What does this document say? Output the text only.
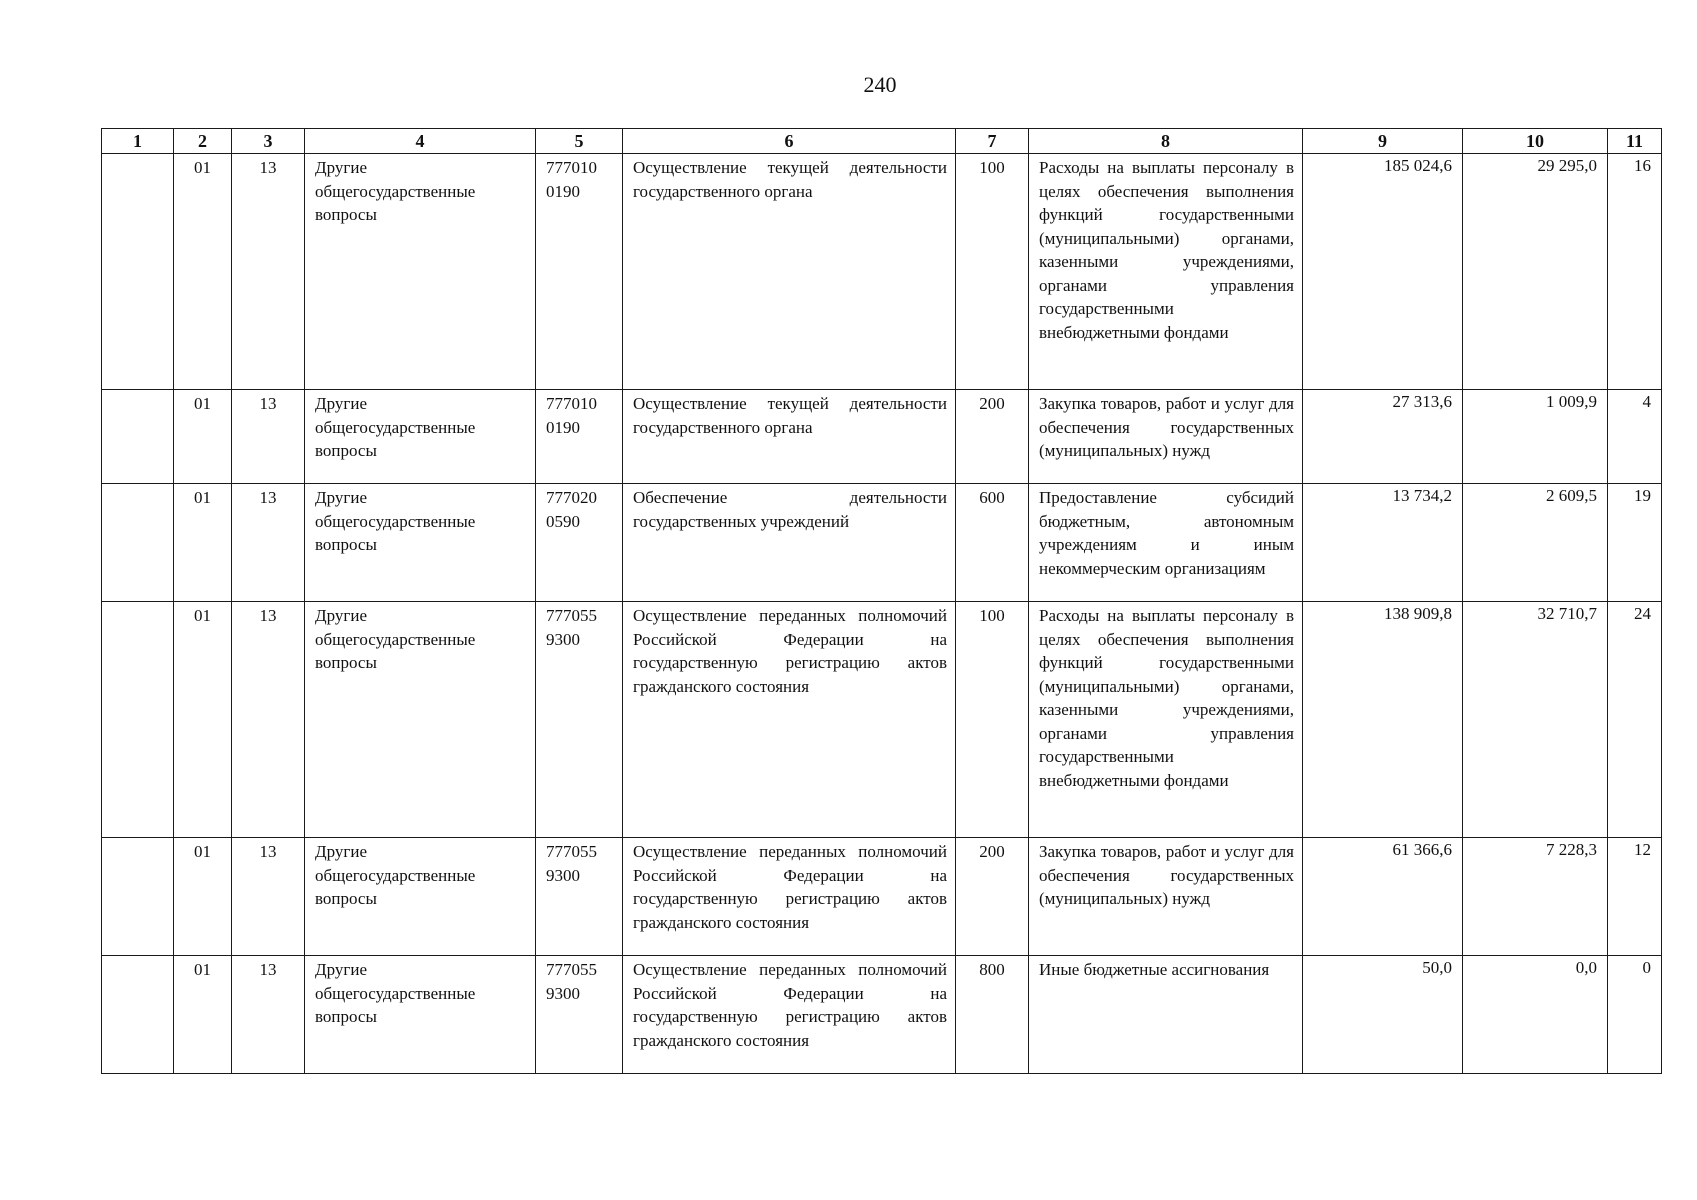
240
1	2	3	4	5	6	7	8	9	10	11
	01	13	Другие общегосударственные вопросы	777010 0190	Осуществление текущей деятельности государственного органа	100	Расходы на выплаты персоналу в целях обеспечения выполнения функций государственными (муниципальными) органами, казенными учреждениями, органами управления государственными внебюджетными фондами	185 024,6	29 295,0	16
	01	13	Другие общегосударственные вопросы	777010 0190	Осуществление текущей деятельности государственного органа	200	Закупка товаров, работ и услуг для обеспечения государственных (муниципальных) нужд	27 313,6	1 009,9	4
	01	13	Другие общегосударственные вопросы	777020 0590	Обеспечение деятельности государственных учреждений	600	Предоставление субсидий бюджетным, автономным учреждениям и иным некоммерческим организациям	13 734,2	2 609,5	19
	01	13	Другие общегосударственные вопросы	777055 9300	Осуществление переданных полномочий Российской Федерации на государственную регистрацию актов гражданского состояния	100	Расходы на выплаты персоналу в целях обеспечения выполнения функций государственными (муниципальными) органами, казенными учреждениями, органами управления государственными внебюджетными фондами	138 909,8	32 710,7	24
	01	13	Другие общегосударственные вопросы	777055 9300	Осуществление переданных полномочий Российской Федерации на государственную регистрацию актов гражданского состояния	200	Закупка товаров, работ и услуг для обеспечения государственных (муниципальных) нужд	61 366,6	7 228,3	12
	01	13	Другие общегосударственные вопросы	777055 9300	Осуществление переданных полномочий Российской Федерации на государственную регистрацию актов гражданского состояния	800	Иные бюджетные ассигнования	50,0	0,0	0
